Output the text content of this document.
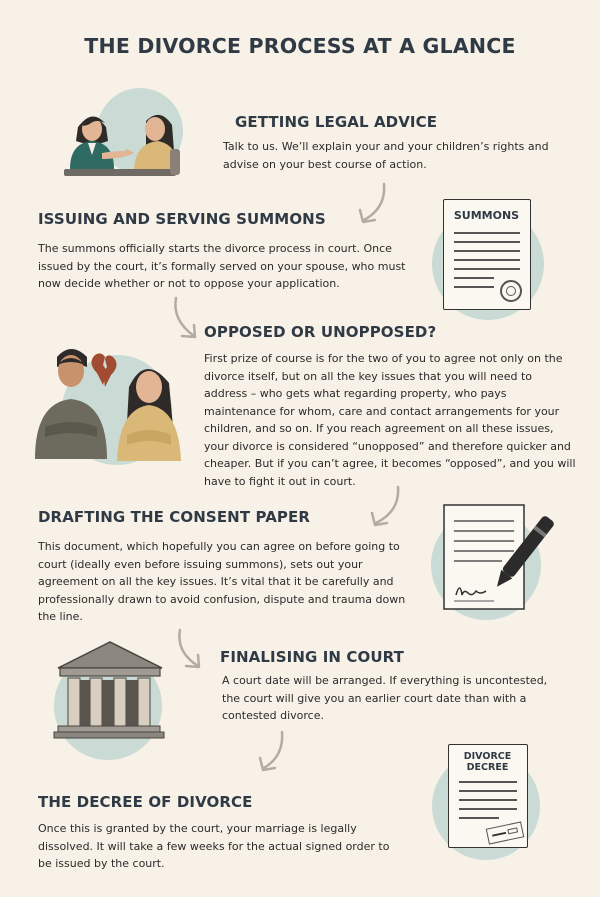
THE DIVORCE PROCESS AT A GLANCE
GETTING LEGAL ADVICE
Talk to us. We’ll explain your and your children’s rights and advise on your best course of action.
ISSUING AND SERVING SUMMONS
The summons officially starts the divorce process in court. Once issued by the court, it’s formally served on your spouse, who must now decide whether or not to oppose your application.
SUMMONS
OPPOSED OR UNOPPOSED?
First prize of course is for the two of you to agree not only on the divorce itself, but on all the key issues that you will need to address – who gets what regarding property, who pays maintenance for whom, care and contact arrangements for your children, and so on. If you reach agreement on all these issues, your divorce is considered “unopposed” and therefore quicker and cheaper. But if you can’t agree, it becomes “opposed”, and you will have to fight it out in court.
DRAFTING THE CONSENT PAPER
This document, which hopefully you can agree on before going to court (ideally even before issuing summons), sets out your agreement on all the key issues. It’s vital that it be carefully and professionally drawn to avoid confusion, dispute and trauma down the line.
FINALISING IN COURT
A court date will be arranged. If everything is uncontested, the court will give you an earlier court date than with a contested divorce.
THE DECREE OF DIVORCE
Once this is granted by the court, your marriage is legally dissolved. It will take a few weeks for the actual signed order to be issued by the court.
DIVORCE
DECREE
